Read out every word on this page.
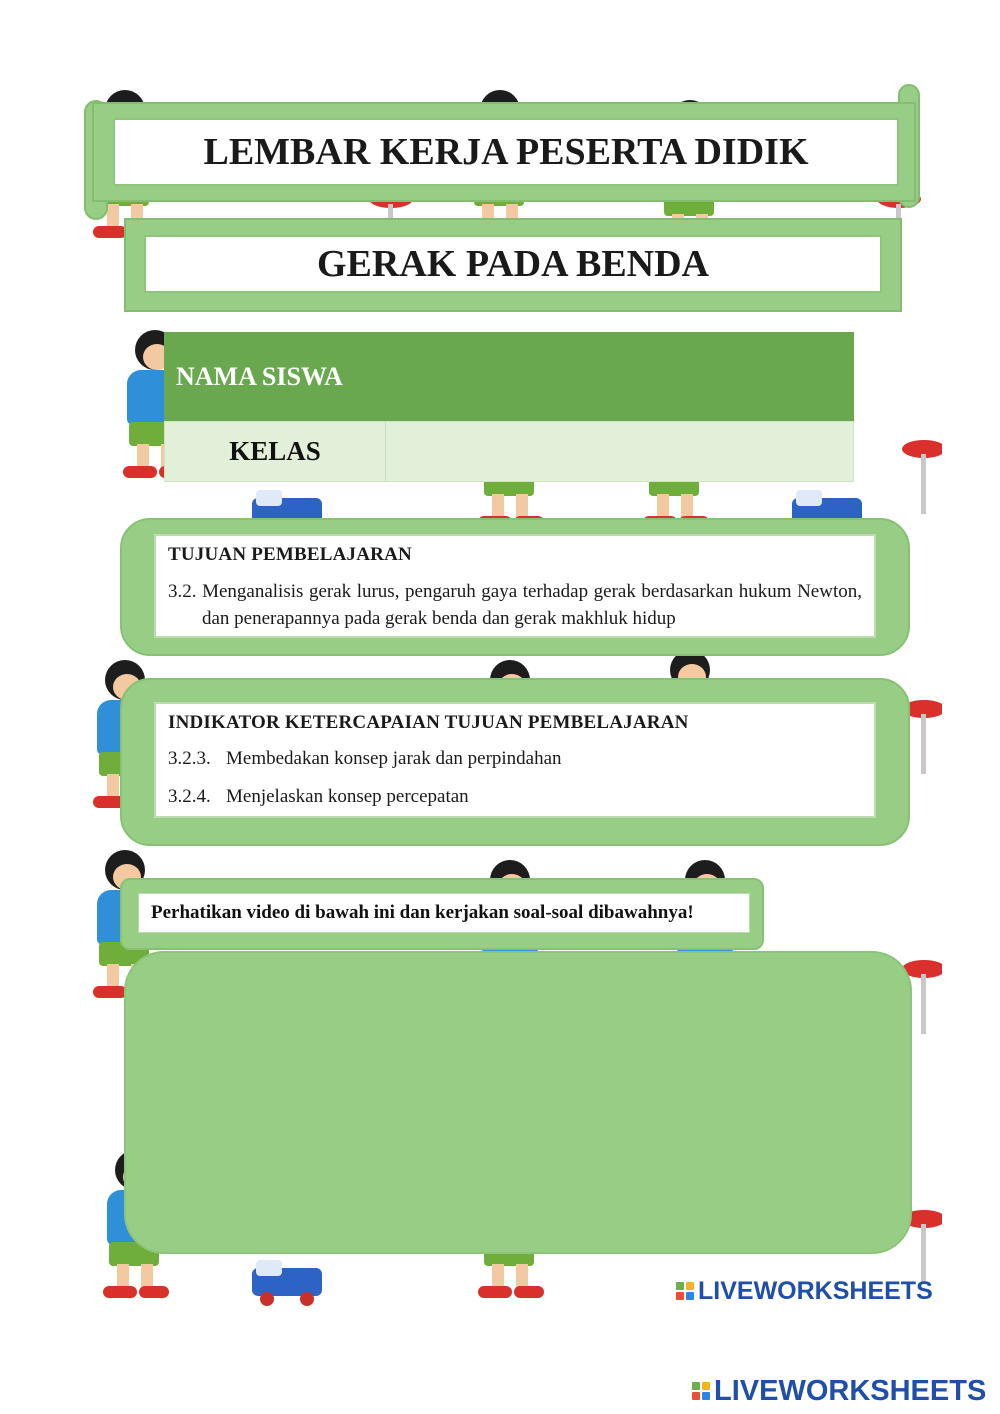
LEMBAR KERJA PESERTA DIDIK
GERAK PADA BENDA
NAMA SISWA
KELAS

TUJUAN PEMBELAJARAN

3.2. Menganalisis gerak lurus, pengaruh gaya terhadap gerak berdasarkan hukum Newton, dan penerapannya pada gerak benda dan gerak makhluk hidup

INDIKATOR KETERCAPAIAN TUJUAN PEMBELAJARAN

3.2.3. Membedakan konsep jarak dan perpindahan

3.2.4. Menjelaskan konsep percepatan

Perhatikan video di bawah ini dan kerjakan soal-soal dibawahnya!
LIVEWORKSHEETS
LIVEWORKSHEETS
